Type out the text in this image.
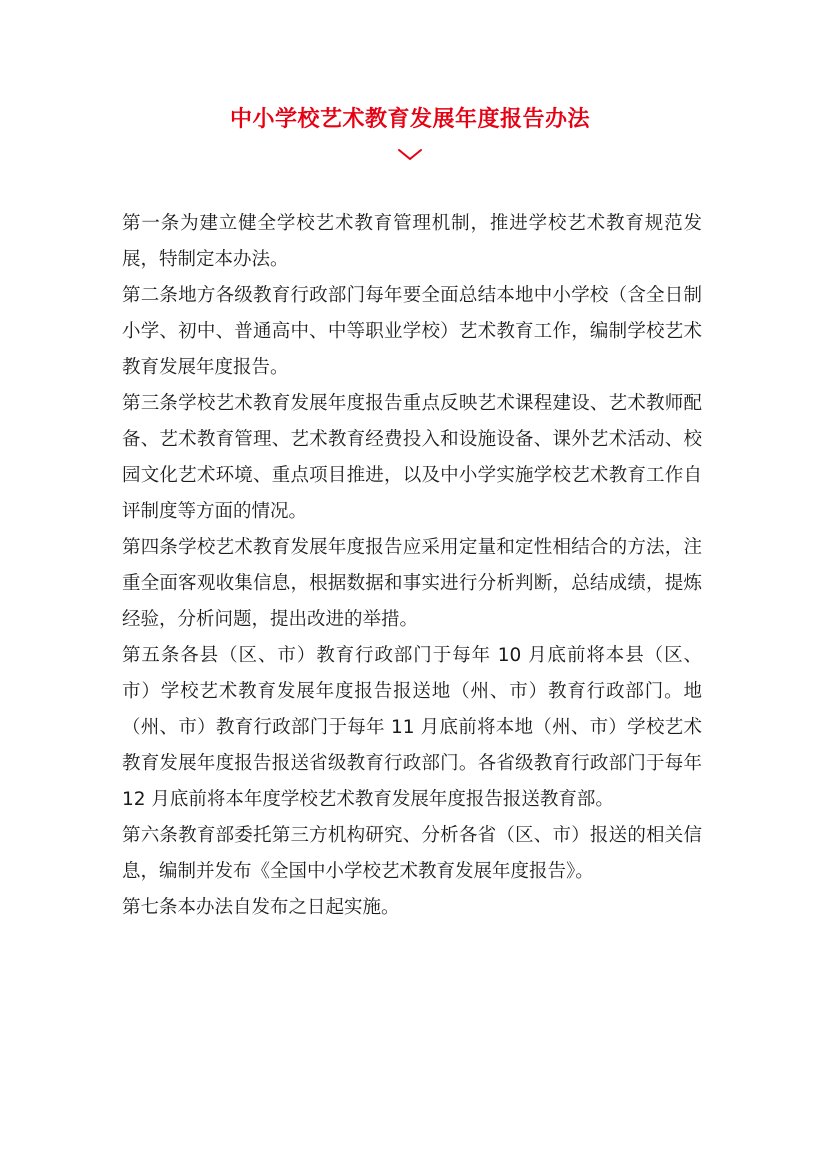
中小学校艺术教育发展年度报告办法

第一条为建立健全学校艺术教育管理机制，推进学校艺术教育规范发展，特制定本办法。

第二条地方各级教育行政部门每年要全面总结本地中小学校（含全日制小学、初中、普通高中、中等职业学校）艺术教育工作，编制学校艺术教育发展年度报告。

第三条学校艺术教育发展年度报告重点反映艺术课程建设、艺术教师配备、艺术教育管理、艺术教育经费投入和设施设备、课外艺术活动、校园文化艺术环境、重点项目推进，以及中小学实施学校艺术教育工作自评制度等方面的情况。

第四条学校艺术教育发展年度报告应采用定量和定性相结合的方法，注重全面客观收集信息，根据数据和事实进行分析判断，总结成绩，提炼经验，分析问题，提出改进的举措。

第五条各县（区、市）教育行政部门于每年 10 月底前将本县（区、市）学校艺术教育发展年度报告报送地（州、市）教育行政部门。地（州、市）教育行政部门于每年 11 月底前将本地（州、市）学校艺术教育发展年度报告报送省级教育行政部门。各省级教育行政部门于每年 12 月底前将本年度学校艺术教育发展年度报告报送教育部。

第六条教育部委托第三方机构研究、分析各省（区、市）报送的相关信息，编制并发布《全国中小学校艺术教育发展年度报告》。

第七条本办法自发布之日起实施。
